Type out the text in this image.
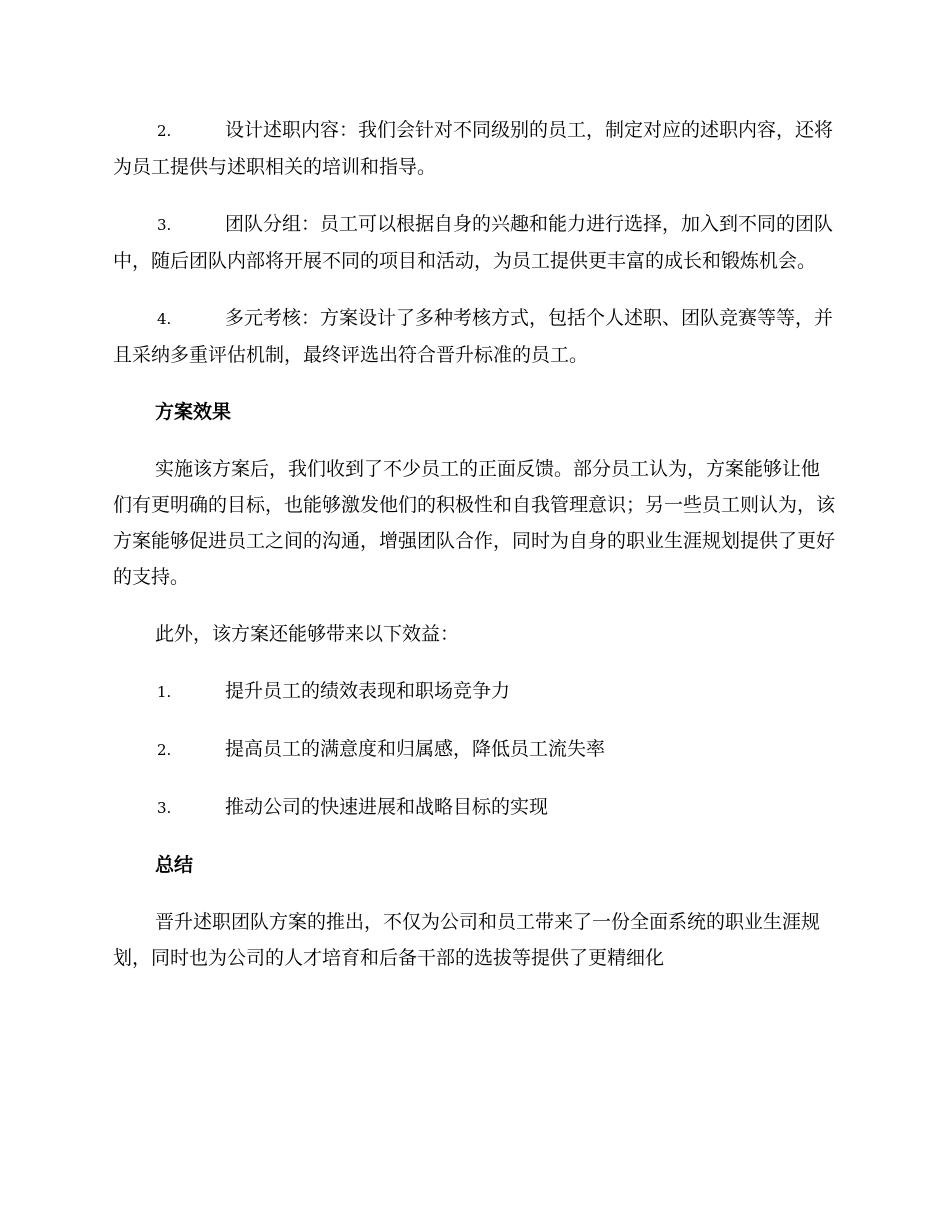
2.	设计述职内容：我们会针对不同级别的员工，制定对应的述职内容，还将为员工提供与述职相关的培训和指导。
3.	团队分组：员工可以根据自身的兴趣和能力进行选择，加入到不同的团队中，随后团队内部将开展不同的项目和活动，为员工提供更丰富的成长和锻炼机会。
4.	多元考核：方案设计了多种考核方式，包括个人述职、团队竞赛等等，并且采纳多重评估机制，最终评选出符合晋升标准的员工。
方案效果
实施该方案后，我们收到了不少员工的正面反馈。部分员工认为，方案能够让他们有更明确的目标，也能够激发他们的积极性和自我管理意识；另一些员工则认为，该方案能够促进员工之间的沟通，增强团队合作，同时为自身的职业生涯规划提供了更好的支持。
此外，该方案还能够带来以下效益：
1.	提升员工的绩效表现和职场竞争力
2.	提高员工的满意度和归属感，降低员工流失率
3.	推动公司的快速进展和战略目标的实现
总结
晋升述职团队方案的推出，不仅为公司和员工带来了一份全面系统的职业生涯规划，同时也为公司的人才培育和后备干部的选拔等提供了更精细化
